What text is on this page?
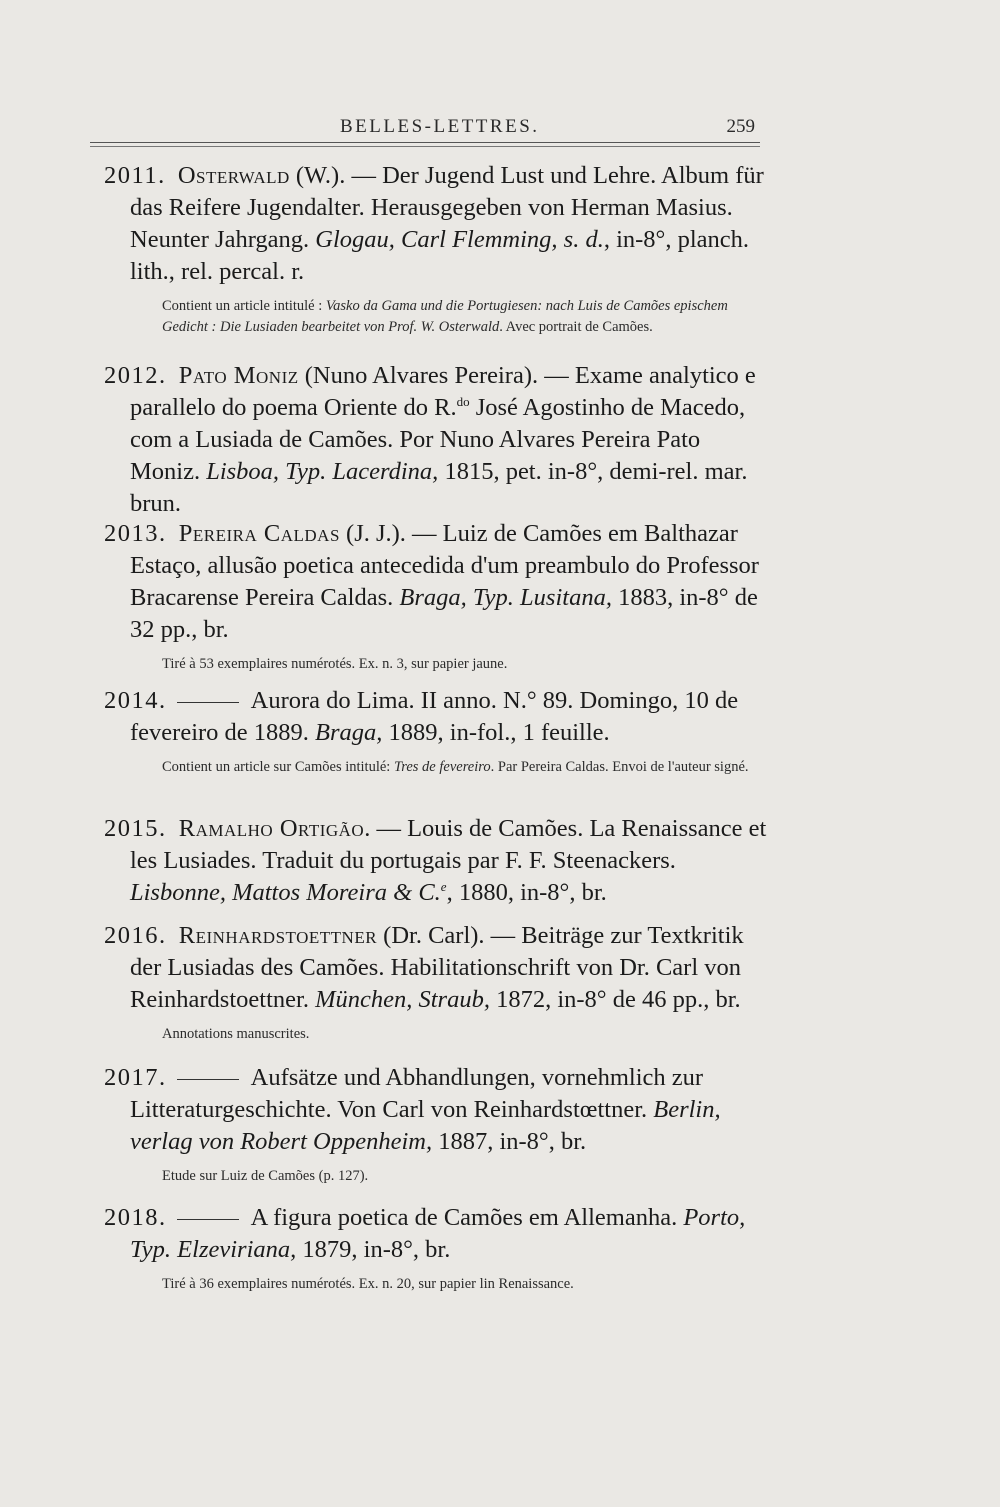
BELLES-LETTRES.	259

2011. Osterwald (W.). — Der Jugend Lust und Lehre. Album für das Reifere Jugendalter. Herausgegeben von Herman Masius. Neunter Jahrgang. Glogau, Carl Flemming, s. d., in-8°, planch. lith., rel. percal. r.

Contient un article intitulé : Vasko da Gama und die Portugiesen: nach Luis de Camões epischem Gedicht : Die Lusiaden bearbeitet von Prof. W. Osterwald. Avec portrait de Camões.

2012. Pato Moniz (Nuno Alvares Pereira). — Exame analytico e parallelo do poema Oriente do R.$^{do}$ José Agostinho de Macedo, com a Lusiada de Camões. Por Nuno Alvares Pereira Pato Moniz. Lisboa, Typ. Lacerdina, 1815, pet. in-8°, demi-rel. mar. brun.

2013. Pereira Caldas (J. J.). — Luiz de Camões em Balthazar Estaço, allusão poetica antecedida d'um preambulo do Professor Bracarense Pereira Caldas. Braga, Typ. Lusitana, 1883, in-8° de 32 pp., br.

Tiré à 53 exemplaires numérotés. Ex. n. 3, sur papier jaune.

2014.	Aurora do Lima. II anno. N.° 89. Domingo, 10 de fevereiro de 1889. Braga, 1889, in-fol., 1 feuille.

Contient un article sur Camões intitulé: Tres de fevereiro. Par Pereira Caldas. Envoi de l'auteur signé.

2015. Ramalho Ortigão. — Louis de Camões. La Renaissance et les Lusiades. Traduit du portugais par F. F. Steenackers. Lisbonne, Mattos Moreira & C.$^e$, 1880, in-8°, br.

2016. Reinhardstoettner (Dr. Carl). — Beiträge zur Textkritik der Lusiadas des Camões. Habilitationschrift von Dr. Carl von Reinhardstoettner. München, Straub, 1872, in-8° de 46 pp., br.

Annotations manuscrites.

2017.	Aufsätze und Abhandlungen, vornehmlich zur Litteraturgeschichte. Von Carl von Reinhardstœttner. Berlin, verlag von Robert Oppenheim, 1887, in-8°, br.

Etude sur Luiz de Camões (p. 127).

2018.	A figura poetica de Camões em Allemanha. Porto, Typ. Elzeviriana, 1879, in-8°, br.

Tiré à 36 exemplaires numérotés. Ex. n. 20, sur papier lin Renaissance.
